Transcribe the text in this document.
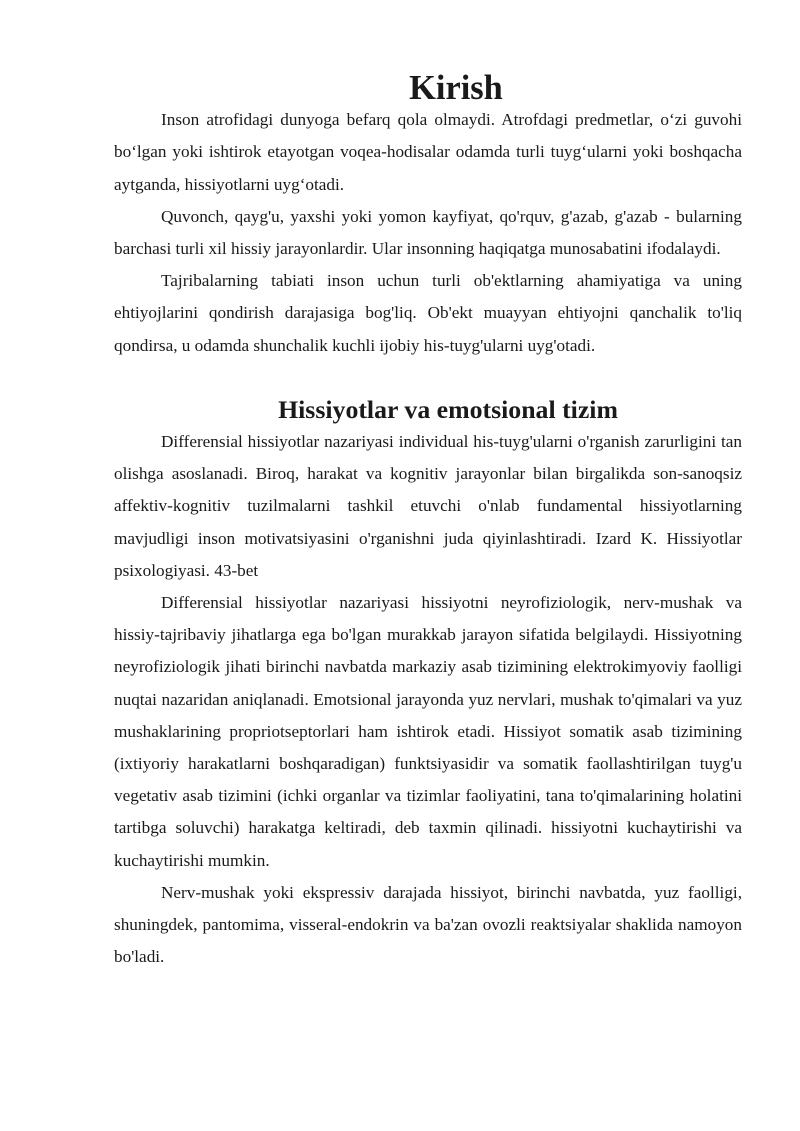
Kirish

Inson atrofidagi dunyoga befarq qola olmaydi. Atrofdagi predmetlar, o‘zi guvohi bo‘lgan yoki ishtirok etayotgan voqea-hodisalar odamda turli tuyg‘ularni yoki boshqacha aytganda, hissiyotlarni uyg‘otadi.

Quvonch, qayg'u, yaxshi yoki yomon kayfiyat, qo'rquv, g'azab, g'azab - bularning barchasi turli xil hissiy jarayonlardir. Ular insonning haqiqatga munosabatini ifodalaydi.

Tajribalarning tabiati inson uchun turli ob'ektlarning ahamiyatiga va uning ehtiyojlarini qondirish darajasiga bog'liq. Ob'ekt muayyan ehtiyojni qanchalik to'liq qondirsa, u odamda shunchalik kuchli ijobiy his-tuyg'ularni uyg'otadi.

Hissiyotlar va emotsional tizim

Differensial hissiyotlar nazariyasi individual his-tuyg'ularni o'rganish zarurligini tan olishga asoslanadi. Biroq, harakat va kognitiv jarayonlar bilan birgalikda son-sanoqsiz affektiv-kognitiv tuzilmalarni tashkil etuvchi o'nlab fundamental hissiyotlarning mavjudligi inson motivatsiyasini o'rganishni juda qiyinlashtiradi. Izard K. Hissiyotlar psixologiyasi. 43-bet

Differensial hissiyotlar nazariyasi hissiyotni neyrofiziologik, nerv-mushak va hissiy-tajribaviy jihatlarga ega bo'lgan murakkab jarayon sifatida belgilaydi. Hissiyotning neyrofiziologik jihati birinchi navbatda markaziy asab tizimining elektrokimyoviy faolligi nuqtai nazaridan aniqlanadi. Emotsional jarayonda yuz nervlari, mushak to'qimalari va yuz mushaklarining propriotseptorlari ham ishtirok etadi. Hissiyot somatik asab tizimining (ixtiyoriy harakatlarni boshqaradigan) funktsiyasidir va somatik faollashtirilgan tuyg'u vegetativ asab tizimini (ichki organlar va tizimlar faoliyatini, tana to'qimalarining holatini tartibga soluvchi) harakatga keltiradi, deb taxmin qilinadi. hissiyotni kuchaytirishi va kuchaytirishi mumkin.

Nerv-mushak yoki ekspressiv darajada hissiyot, birinchi navbatda, yuz faolligi, shuningdek, pantomima, visseral-endokrin va ba'zan ovozli reaktsiyalar shaklida namoyon bo'ladi.
